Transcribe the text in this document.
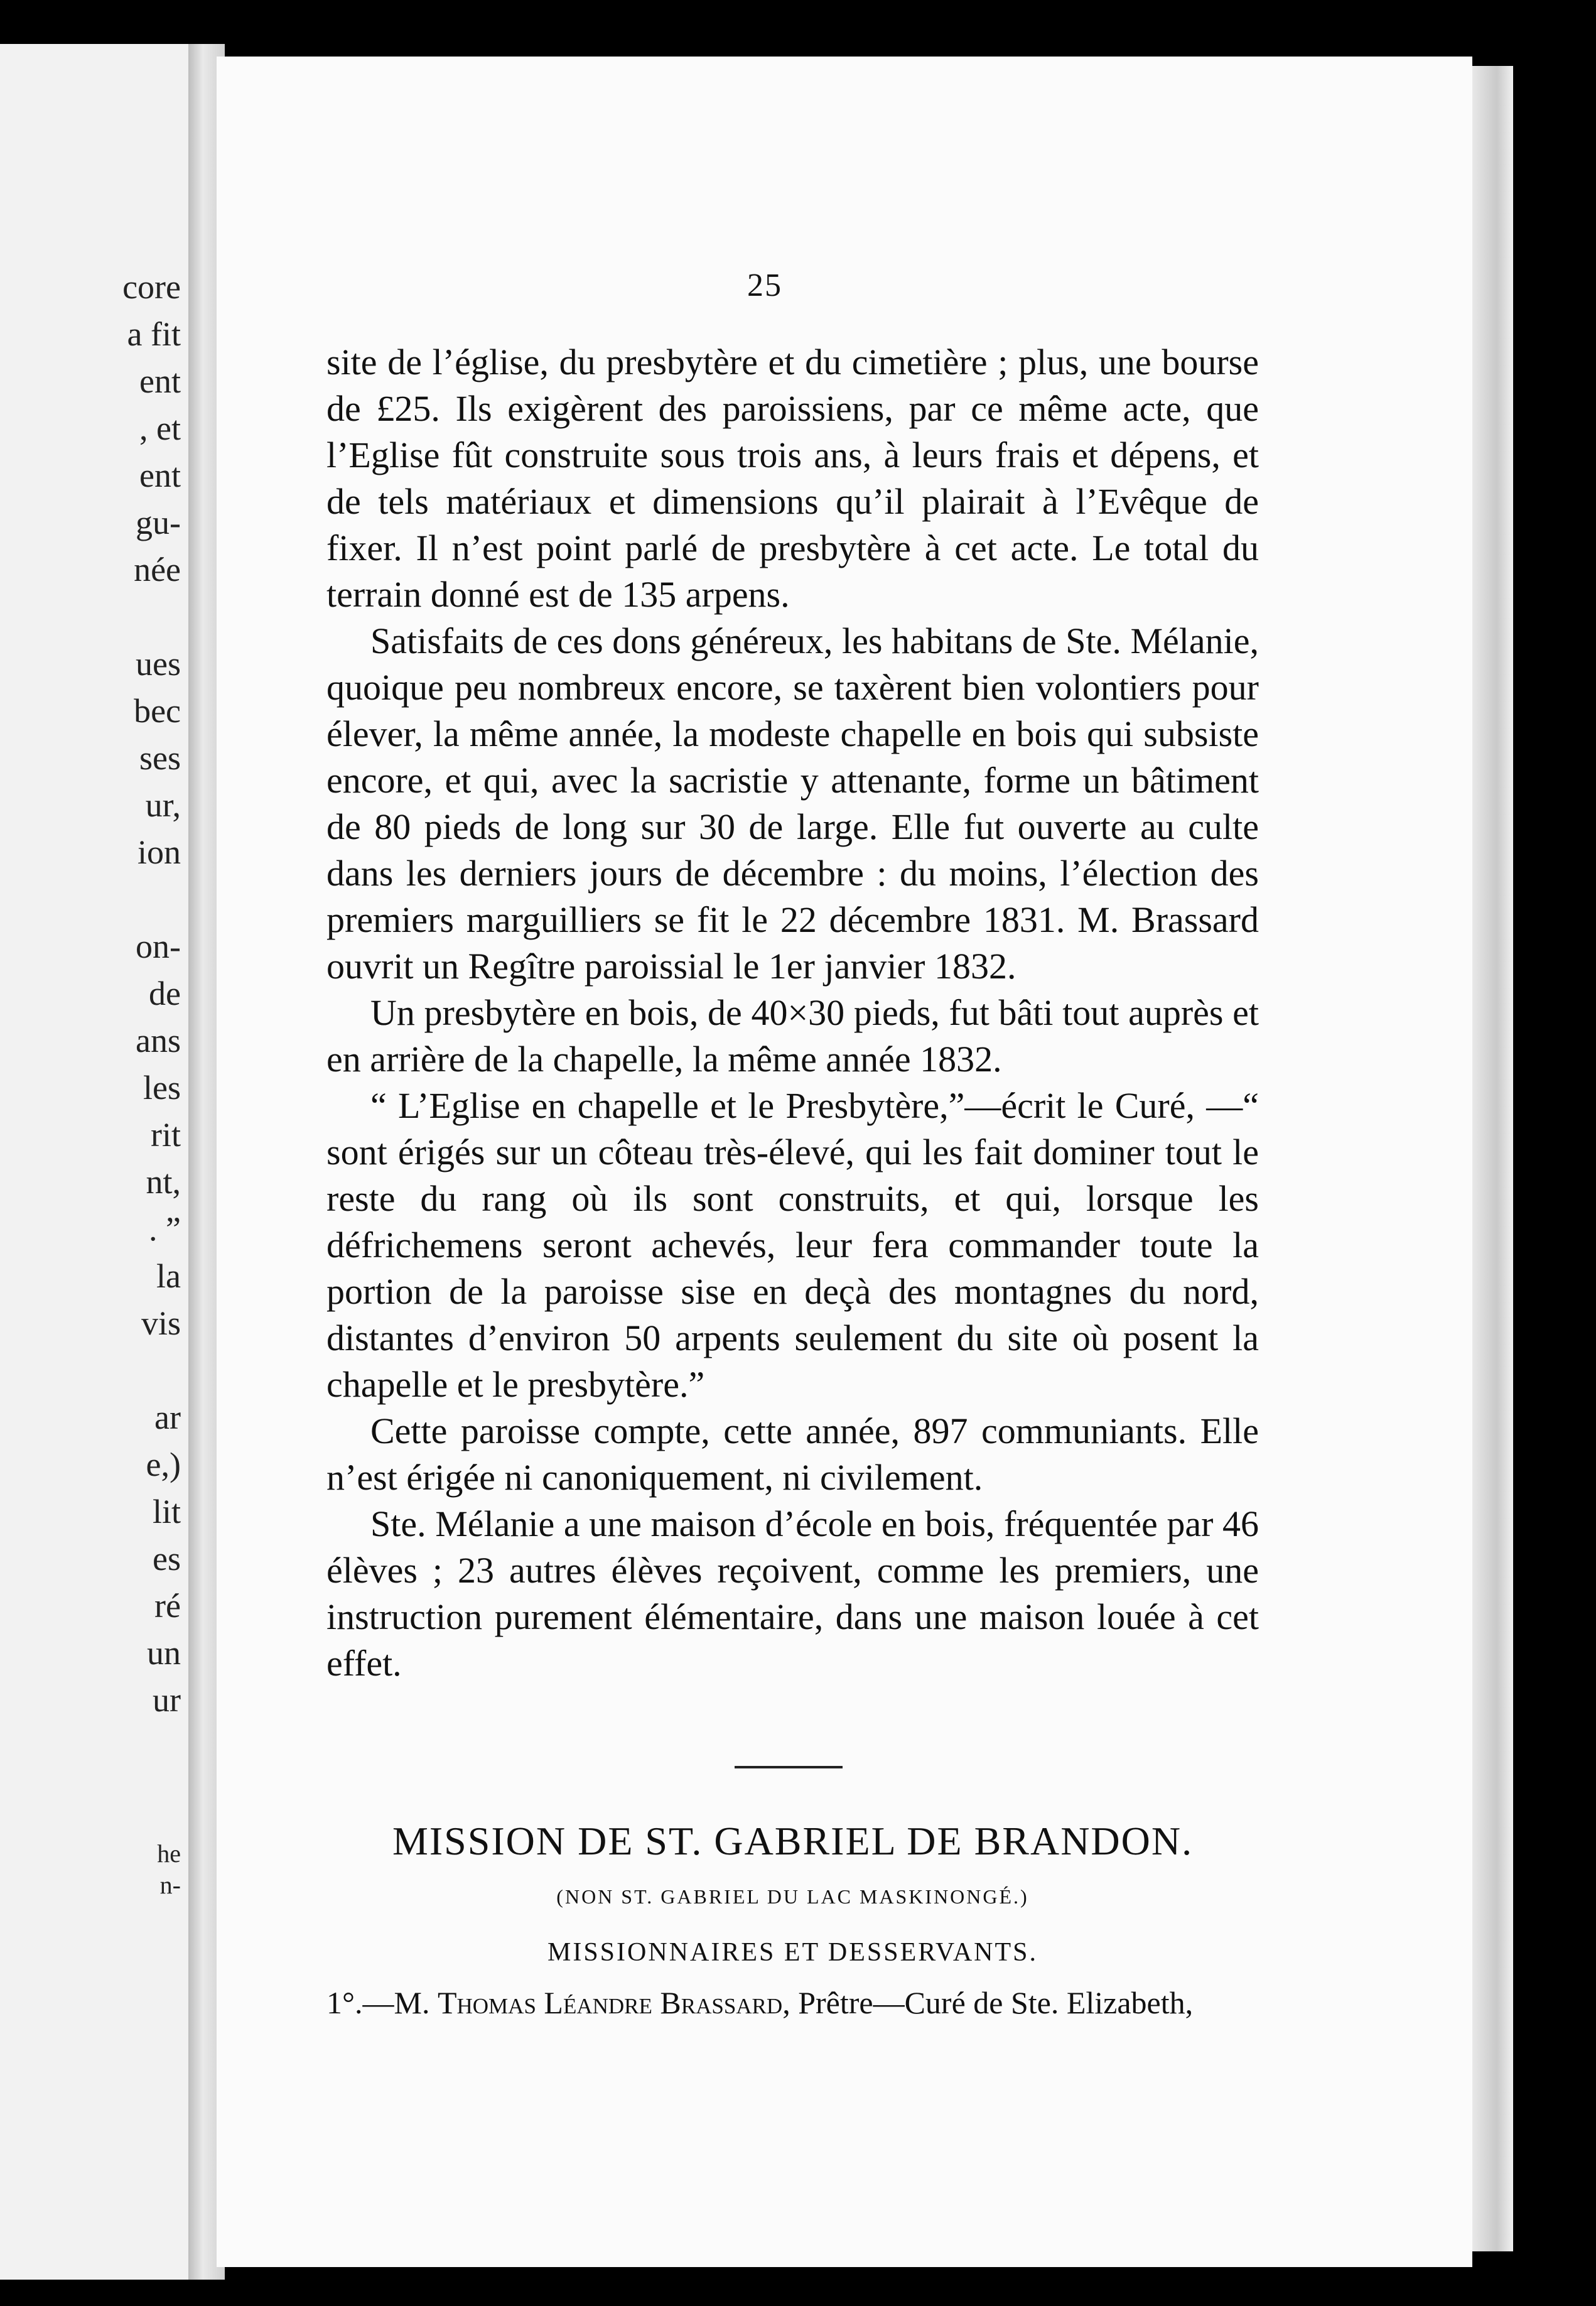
core
a fit
ent
, et
ent
gu-
née
ues
bec
ses
ur,
ion
on-
de
ans
les
rit
nt,
. ”
la
vis
ar
e,)
lit
es
ré
un
ur
he
n-
25

site de l’église, du presbytère et du cimetière ; plus, une bourse de £25. Ils exigèrent des paroissiens, par ce même acte, que l’Eglise fût construite sous trois ans, à leurs frais et dépens, et de tels matériaux et dimensions qu’il plairait à l’Evêque de fixer. Il n’est point parlé de presbytère à cet acte. Le total du terrain donné est de 135 arpens.

Satisfaits de ces dons généreux, les habitans de Ste. Mélanie, quoique peu nombreux encore, se taxèrent bien volontiers pour élever, la même année, la modeste chapelle en bois qui subsiste encore, et qui, avec la sacristie y attenante, forme un bâtiment de 80 pieds de long sur 30 de large. Elle fut ouverte au culte dans les derniers jours de décembre : du moins, l’élection des premiers marguilliers se fit le 22 décembre 1831. M. Brassard ouvrit un Regître paroissial le 1er janvier 1832.

Un presbytère en bois, de 40×30 pieds, fut bâti tout auprès et en arrière de la chapelle, la même année 1832.

“ L’Eglise en chapelle et le Presbytère,”—écrit le Curé, —“ sont érigés sur un côteau très-élevé, qui les fait dominer tout le reste du rang où ils sont construits, et qui, lorsque les défrichemens seront achevés, leur fera commander toute la portion de la paroisse sise en deçà des montagnes du nord, distantes d’environ 50 arpents seulement du site où posent la chapelle et le presbytère.”

Cette paroisse compte, cette année, 897 communiants. Elle n’est érigée ni canoniquement, ni civilement.

Ste. Mélanie a une maison d’école en bois, fréquentée par 46 élèves ; 23 autres élèves reçoivent, comme les premiers, une instruction purement élémentaire, dans une maison louée à cet effet.

MISSION DE ST. GABRIEL DE BRANDON.
(NON ST. GABRIEL DU LAC MASKINONGÉ.)
MISSIONNAIRES ET DESSERVANTS.
1°.—M. Thomas Léandre Brassard, Prêtre—Curé de Ste. Elizabeth,
